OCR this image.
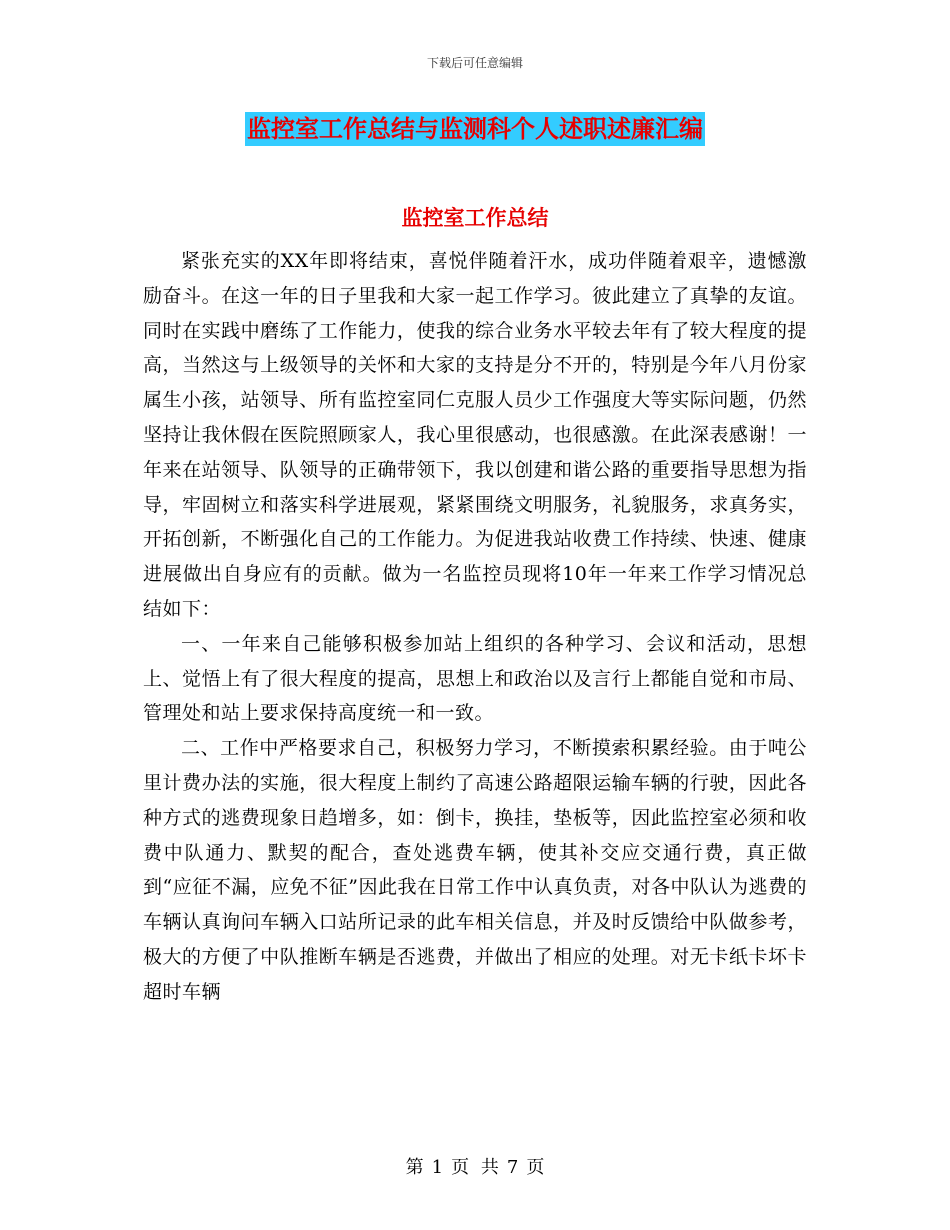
下载后可任意编辑
监控室工作总结与监测科个人述职述廉汇编
监控室工作总结

紧张充实的XX年即将结束，喜悦伴随着汗水，成功伴随着艰辛，遗憾激励奋斗。在这一年的日子里我和大家一起工作学习。彼此建立了真挚的友谊。同时在实践中磨练了工作能力，使我的综合业务水平较去年有了较大程度的提高，当然这与上级领导的关怀和大家的支持是分不开的，特别是今年八月份家属生小孩，站领导、所有监控室同仁克服人员少工作强度大等实际问题，仍然坚持让我休假在医院照顾家人，我心里很感动，也很感激。在此深表感谢！一年来在站领导、队领导的正确带领下，我以创建和谐公路的重要指导思想为指导，牢固树立和落实科学进展观，紧紧围绕文明服务，礼貌服务，求真务实，开拓创新，不断强化自己的工作能力。为促进我站收费工作持续、快速、健康进展做出自身应有的贡献。做为一名监控员现将10年一年来工作学习情况总结如下：

一、一年来自己能够积极参加站上组织的各种学习、会议和活动，思想上、觉悟上有了很大程度的提高，思想上和政治以及言行上都能自觉和市局、管理处和站上要求保持高度统一和一致。

二、工作中严格要求自己，积极努力学习，不断摸索积累经验。由于吨公里计费办法的实施，很大程度上制约了高速公路超限运输车辆的行驶，因此各种方式的逃费现象日趋增多，如：倒卡，换挂，垫板等，因此监控室必须和收费中队通力、默契的配合，查处逃费车辆，使其补交应交通行费，真正做到“应征不漏，应免不征”因此我在日常工作中认真负责，对各中队认为逃费的车辆认真询问车辆入口站所记录的此车相关信息，并及时反馈给中队做参考，极大的方便了中队推断车辆是否逃费，并做出了相应的处理。对无卡纸卡坏卡超时车辆

第 1 页 共 7 页
